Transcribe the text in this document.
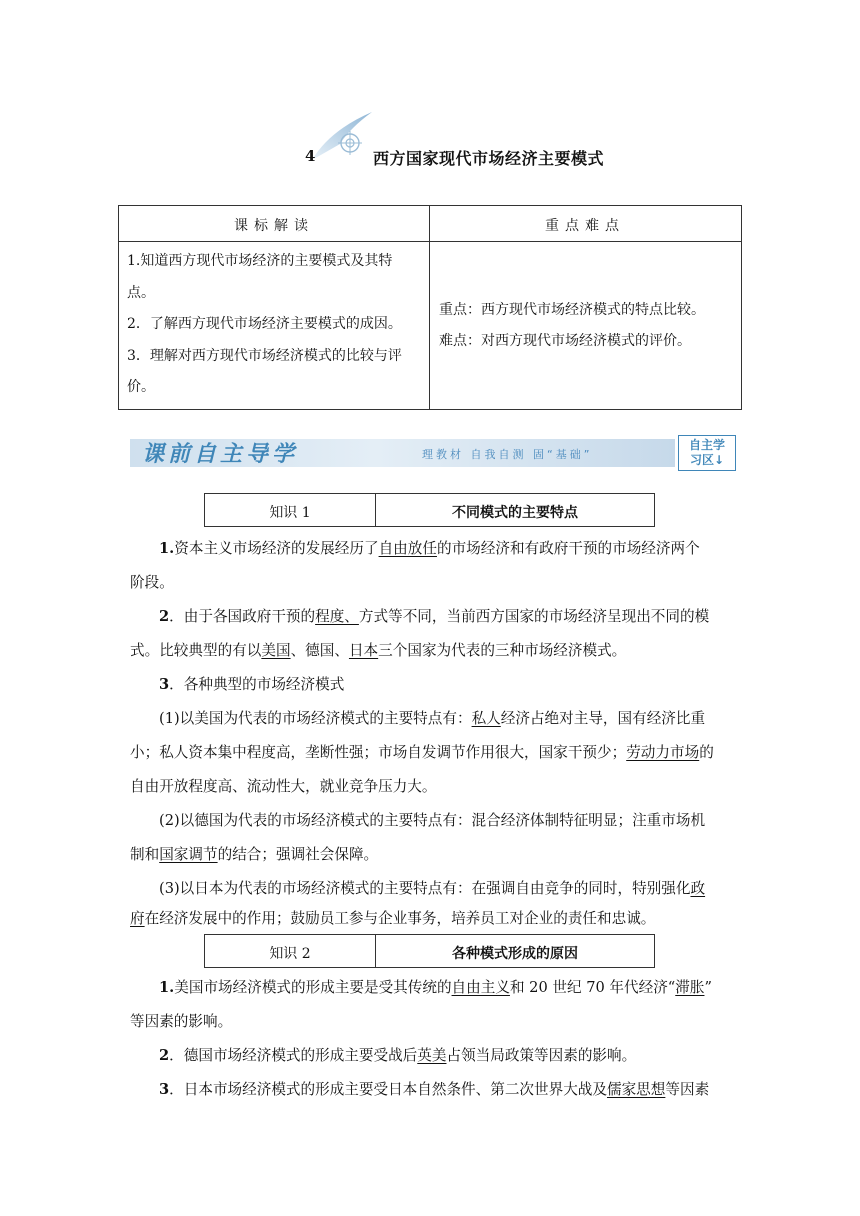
4	西方国家现代市场经济主要模式
课标解读	重点难点
1.知道西方现代市场经济的主要模式及其特
点。
2．了解西方现代市场经济主要模式的成因。
3．理解对西方现代市场经济模式的比较与评
价。
重点：西方现代市场经济模式的特点比较。
难点：对西方现代市场经济模式的评价。
课前自主导学	理教材 自我自测 固“基础”
自主学
习区↓
知识 1	不同模式的主要特点
1.资本主义市场经济的发展经历了自由放任的市场经济和有政府干预的市场经济两个
阶段。
2．由于各国政府干预的程度、方式等不同，当前西方国家的市场经济呈现出不同的模
式。比较典型的有以美国、德国、日本三个国家为代表的三种市场经济模式。
3．各种典型的市场经济模式
(1)以美国为代表的市场经济模式的主要特点有：私人经济占绝对主导，国有经济比重
小；私人资本集中程度高，垄断性强；市场自发调节作用很大，国家干预少；劳动力市场的
自由开放程度高、流动性大，就业竞争压力大。
(2)以德国为代表的市场经济模式的主要特点有：混合经济体制特征明显；注重市场机
制和国家调节的结合；强调社会保障。
(3)以日本为代表的市场经济模式的主要特点有：在强调自由竞争的同时，特别强化政
府在经济发展中的作用；鼓励员工参与企业事务，培养员工对企业的责任和忠诚。
知识 2	各种模式形成的原因
1.美国市场经济模式的形成主要是受其传统的自由主义和 20 世纪 70 年代经济“滞胀”
等因素的影响。
2．德国市场经济模式的形成主要受战后英美占领当局政策等因素的影响。
3．日本市场经济模式的形成主要受日本自然条件、第二次世界大战及儒家思想等因素
